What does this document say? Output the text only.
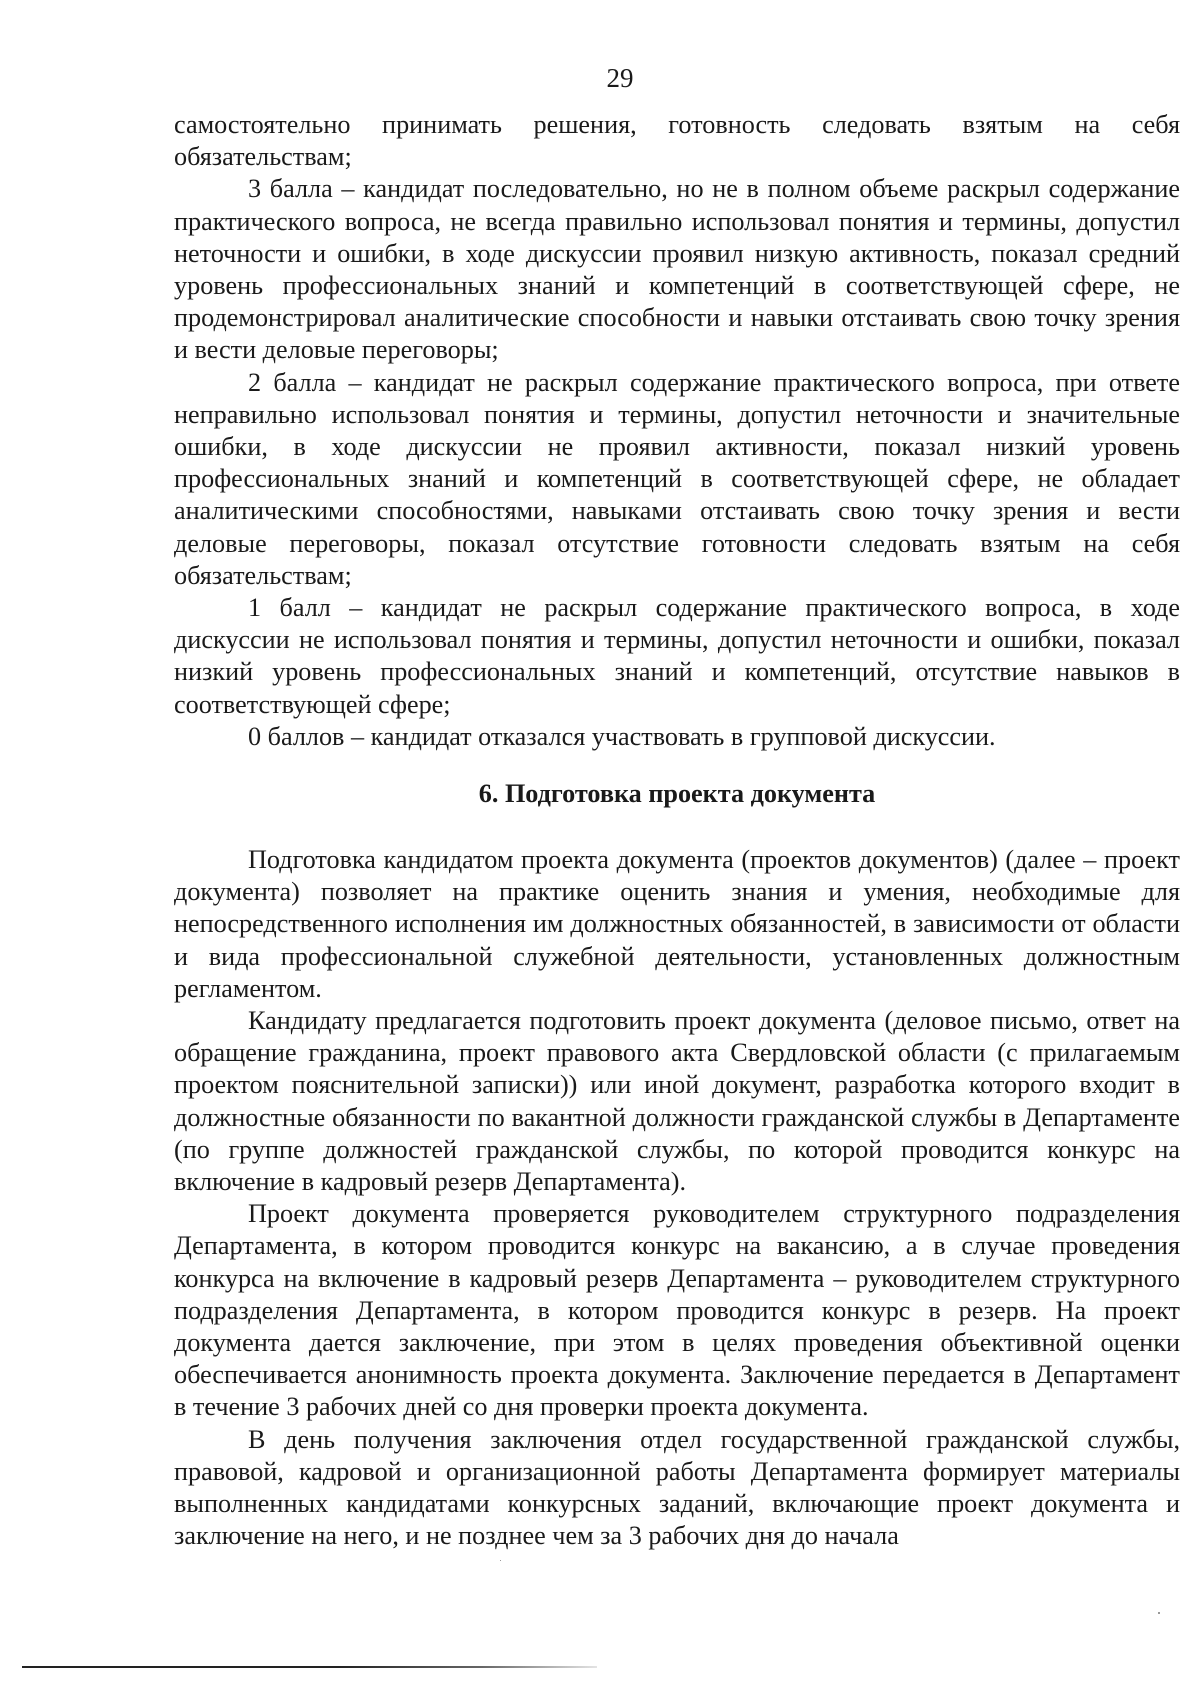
29

самостоятельно принимать решения, готовность следовать взятым на себя обязательствам;

3 балла – кандидат последовательно, но не в полном объеме раскрыл содержание практического вопроса, не всегда правильно использовал понятия и термины, допустил неточности и ошибки, в ходе дискуссии проявил низкую активность, показал средний уровень профессиональных знаний и компетенций в соответствующей сфере, не продемонстрировал аналитические способности и навыки отстаивать свою точку зрения и вести деловые переговоры;

2 балла – кандидат не раскрыл содержание практического вопроса, при ответе неправильно использовал понятия и термины, допустил неточности и значительные ошибки, в ходе дискуссии не проявил активности, показал низкий уровень профессиональных знаний и компетенций в соответствующей сфере, не обладает аналитическими способностями, навыками отстаивать свою точку зрения и вести деловые переговоры, показал отсутствие готовности следовать взятым на себя обязательствам;

1 балл – кандидат не раскрыл содержание практического вопроса, в ходе дискуссии не использовал понятия и термины, допустил неточности и ошибки, показал низкий уровень профессиональных знаний и компетенций, отсутствие навыков в соответствующей сфере;

0 баллов – кандидат отказался участвовать в групповой дискуссии.

6. Подготовка проекта документа

Подготовка кандидатом проекта документа (проектов документов) (далее – проект документа) позволяет на практике оценить знания и умения, необходимые для непосредственного исполнения им должностных обязанностей, в зависимости от области и вида профессиональной служебной деятельности, установленных должностным регламентом.

Кандидату предлагается подготовить проект документа (деловое письмо, ответ на обращение гражданина, проект правового акта Свердловской области (с прилагаемым проектом пояснительной записки)) или иной документ, разработка которого входит в должностные обязанности по вакантной должности гражданской службы в Департаменте (по группе должностей гражданской службы, по которой проводится конкурс на включение в кадровый резерв Департамента).

Проект документа проверяется руководителем структурного подразделения Департамента, в котором проводится конкурс на вакансию, а в случае проведения конкурса на включение в кадровый резерв Департамента – руководителем структурного подразделения Департамента, в котором проводится конкурс в резерв. На проект документа дается заключение, при этом в целях проведения объективной оценки обеспечивается анонимность проекта документа. Заключение передается в Департамент в течение 3 рабочих дней со дня проверки проекта документа.

В день получения заключения отдел государственной гражданской службы, правовой, кадровой и организационной работы Департамента формирует материалы выполненных кандидатами конкурсных заданий, включающие проект документа и заключение на него, и не позднее чем за 3 рабочих дня до начала
